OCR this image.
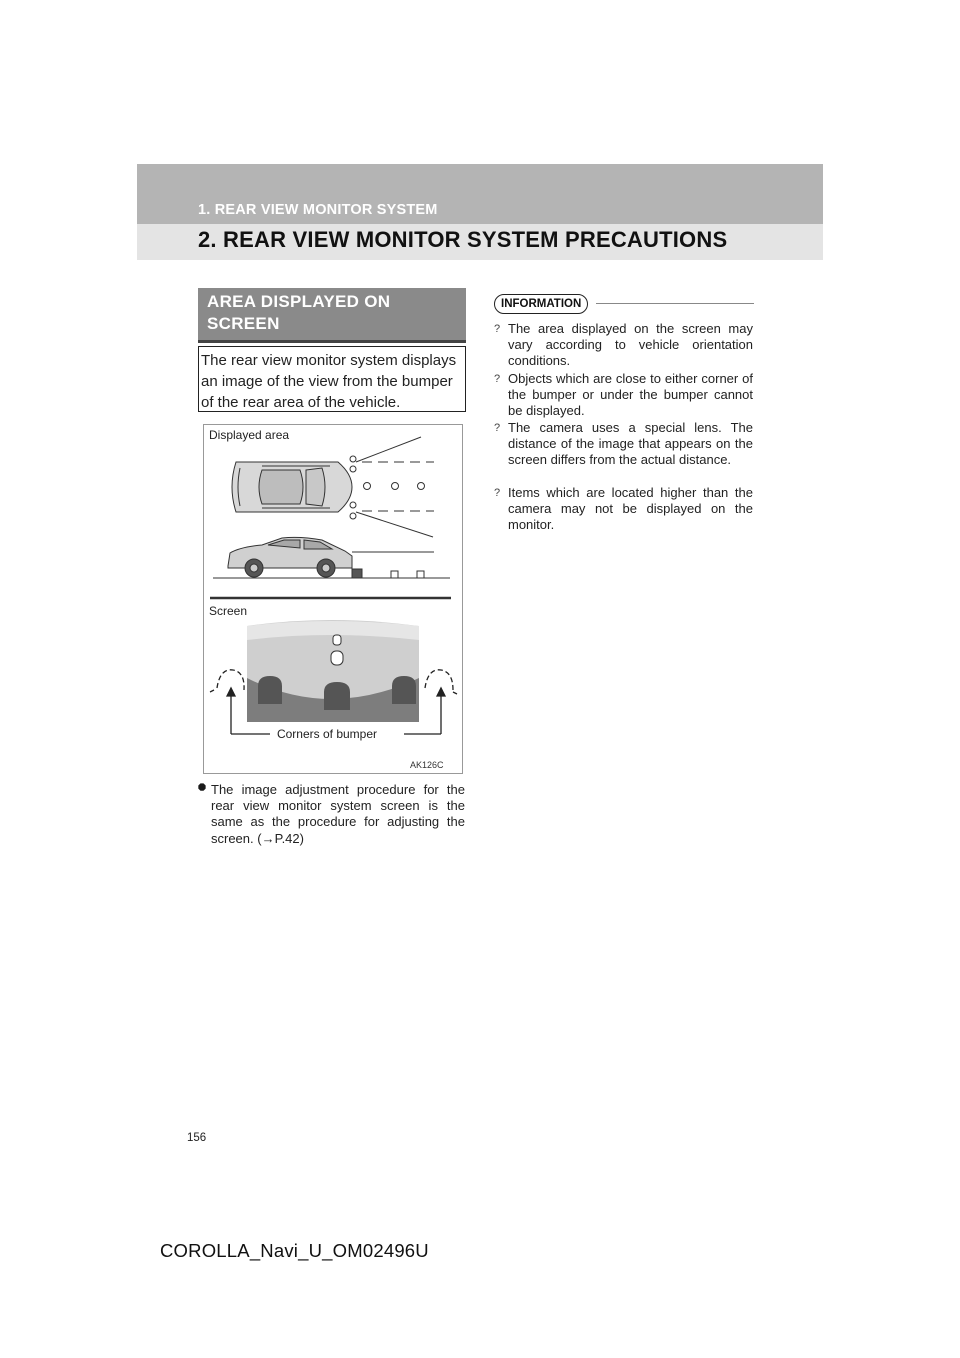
1. REAR VIEW MONITOR SYSTEM
2. REAR VIEW MONITOR SYSTEM PRECAUTIONS
AREA DISPLAYED ON SCREEN
The rear view monitor system displays an image of the view from the bumper of the rear area of the vehicle.
Displayed area
Screen
Corners of bumper
AK126C
⯃ The image adjustment procedure for the rear view monitor system screen is the same as the procedure for adjusting the screen. (→P.42)
INFORMATION
? The area displayed on the screen may vary according to vehicle orientation conditions.
? Objects which are close to either corner of the bumper or under the bumper cannot be displayed.
? The camera uses a special lens. The distance of the image that appears on the screen differs from the actual distance.
? Items which are located higher than the camera may not be displayed on the monitor.
156
COROLLA_Navi_U_OM02496U
